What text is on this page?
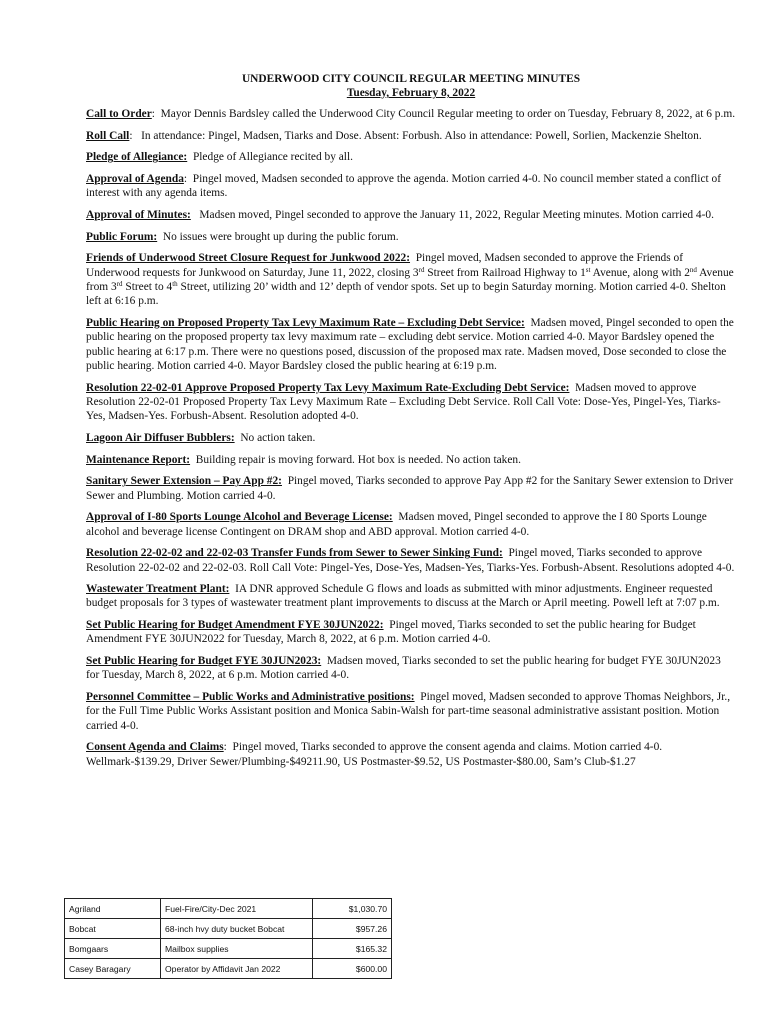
UNDERWOOD CITY COUNCIL REGULAR MEETING MINUTES
Tuesday, February 8, 2022

Call to Order:  Mayor Dennis Bardsley called the Underwood City Council Regular meeting to order on Tuesday, February 8, 2022, at 6 p.m.

Roll Call:   In attendance: Pingel, Madsen, Tiarks and Dose. Absent: Forbush. Also in attendance: Powell, Sorlien, Mackenzie Shelton.

Pledge of Allegiance: Pledge of Allegiance recited by all.

Approval of Agenda:  Pingel moved, Madsen seconded to approve the agenda. Motion carried 4-0. No council member stated a conflict of interest with any agenda items.

Approval of Minutes: Madsen moved, Pingel seconded to approve the January 11, 2022, Regular Meeting minutes. Motion carried 4-0.

Public Forum: No issues were brought up during the public forum.

Friends of Underwood Street Closure Request for Junkwood 2022: Pingel moved, Madsen seconded to approve the Friends of Underwood requests for Junkwood on Saturday, June 11, 2022, closing 3rd Street from Railroad Highway to 1st Avenue, along with 2nd Avenue from 3rd Street to 4th Street, utilizing 20’ width and 12’ depth of vendor spots. Set up to begin Saturday morning. Motion carried 4-0. Shelton left at 6:16 p.m.

Public Hearing on Proposed Property Tax Levy Maximum Rate – Excluding Debt Service: Madsen moved, Pingel seconded to open the public hearing on the proposed property tax levy maximum rate – excluding debt service. Motion carried 4-0. Mayor Bardsley opened the public hearing at 6:17 p.m. There were no questions posed, discussion of the proposed max rate. Madsen moved, Dose seconded to close the public hearing. Motion carried 4-0. Mayor Bardsley closed the public hearing at 6:19 p.m.

Resolution 22-02-01 Approve Proposed Property Tax Levy Maximum Rate-Excluding Debt Service: Madsen moved to approve Resolution 22-02-01 Proposed Property Tax Levy Maximum Rate – Excluding Debt Service. Roll Call Vote: Dose-Yes, Pingel-Yes, Tiarks-Yes, Madsen-Yes. Forbush-Absent. Resolution adopted 4-0.

Lagoon Air Diffuser Bubblers: No action taken.

Maintenance Report: Building repair is moving forward. Hot box is needed. No action taken.

Sanitary Sewer Extension – Pay App #2: Pingel moved, Tiarks seconded to approve Pay App #2 for the Sanitary Sewer extension to Driver Sewer and Plumbing. Motion carried 4-0.

Approval of I-80 Sports Lounge Alcohol and Beverage License: Madsen moved, Pingel seconded to approve the I 80 Sports Lounge alcohol and beverage license Contingent on DRAM shop and ABD approval. Motion carried 4-0.

Resolution 22-02-02 and 22-02-03 Transfer Funds from Sewer to Sewer Sinking Fund: Pingel moved, Tiarks seconded to approve Resolution 22-02-02 and 22-02-03. Roll Call Vote: Pingel-Yes, Dose-Yes, Madsen-Yes, Tiarks-Yes. Forbush-Absent. Resolutions adopted 4-0.

Wastewater Treatment Plant: IA DNR approved Schedule G flows and loads as submitted with minor adjustments. Engineer requested budget proposals for 3 types of wastewater treatment plant improvements to discuss at the March or April meeting. Powell left at 7:07 p.m.

Set Public Hearing for Budget Amendment FYE 30JUN2022: Pingel moved, Tiarks seconded to set the public hearing for Budget Amendment FYE 30JUN2022 for Tuesday, March 8, 2022, at 6 p.m. Motion carried 4-0.

Set Public Hearing for Budget FYE 30JUN2023: Madsen moved, Tiarks seconded to set the public hearing for budget FYE 30JUN2023 for Tuesday, March 8, 2022, at 6 p.m. Motion carried 4-0.

Personnel Committee – Public Works and Administrative positions: Pingel moved, Madsen seconded to approve Thomas Neighbors, Jr., for the Full Time Public Works Assistant position and Monica Sabin-Walsh for part-time seasonal administrative assistant position. Motion carried 4-0.

Consent Agenda and Claims:  Pingel moved, Tiarks seconded to approve the consent agenda and claims. Motion carried 4-0. Wellmark-$139.29, Driver Sewer/Plumbing-$49211.90, US Postmaster-$9.52, US Postmaster-$80.00, Sam’s Club-$1.27

Agriland	Fuel-Fire/City-Dec 2021	$1,030.70
Bobcat	68-inch hvy duty bucket Bobcat	$957.26
Bomgaars	Mailbox supplies	$165.32
Casey Baragary	Operator by Affidavit Jan 2022	$600.00
